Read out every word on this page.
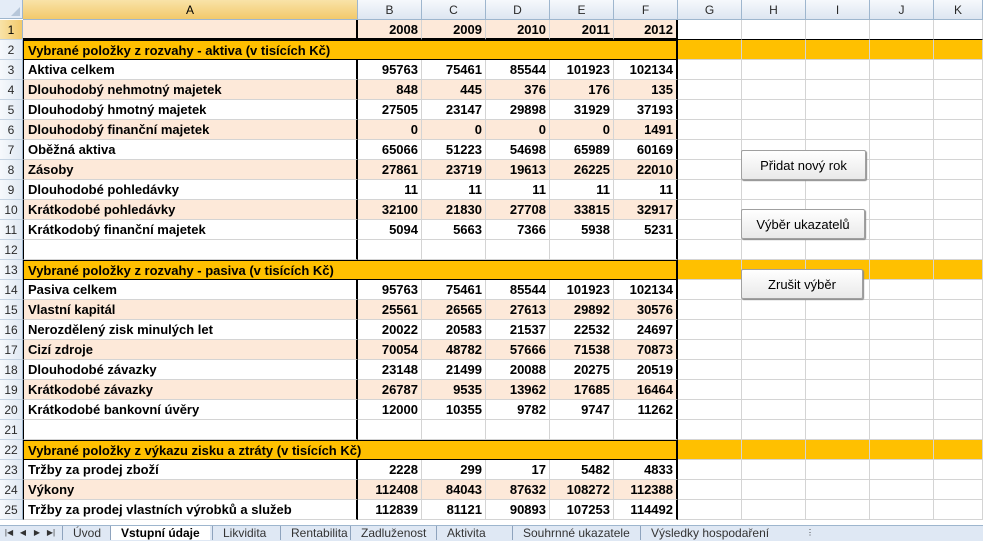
A	B	C	D	E	F	G	H	I	J	K
1	2008	2009	2010	2011	2012
2	Vybrané položky z rozvahy - aktiva (v tisících Kč)
3	Aktiva celkem	95763	75461	85544	101923	102134
4	Dlouhodobý nehmotný majetek	848	445	376	176	135
5	Dlouhodobý hmotný majetek	27505	23147	29898	31929	37193
6	Dlouhodobý finanční majetek	0	0	0	0	1491
7	Oběžná aktiva	65066	51223	54698	65989	60169
8	Zásoby	27861	23719	19613	26225	22010
9	Dlouhodobé pohledávky	11	11	11	11	11
10 Krátkodobé pohledávky	32100	21830	27708	33815	32917
11 Krátkodobý finanční majetek	5094	5663	7366	5938	5231
12
13 Vybrané položky z rozvahy - pasiva (v tisících Kč)
14 Pasiva celkem	95763	75461	85544	101923	102134
15 Vlastní kapitál	25561	26565	27613	29892	30576
16 Nerozdělený zisk minulých let	20022	20583	21537	22532	24697
17 Cizí zdroje	70054	48782	57666	71538	70873
18 Dlouhodobé závazky	23148	21499	20088	20275	20519
19 Krátkodobé závazky	26787	9535	13962	17685	16464
20 Krátkodobé bankovní úvěry	12000	10355	9782	9747	11262
21
22 Vybrané položky z výkazu zisku a ztráty (v tisících Kč)
23 Tržby za prodej zboží	2228	299	17	5482	4833
24 Výkony	112408	84043	87632	108272	112388
25 Tržby za prodej vlastních výrobků a služeb	112839	81121	90893	107253	114492
Přidat nový rok
Výběr ukazatelů
Zrušit výběr
|◀ ◀ ▶ ▶|	Úvod	Vstupní údaje	Likvidita	Rentabilita	Zadluženost	Aktivita	Souhrnné ukazatele	Výsledky hospodaření	⋮
